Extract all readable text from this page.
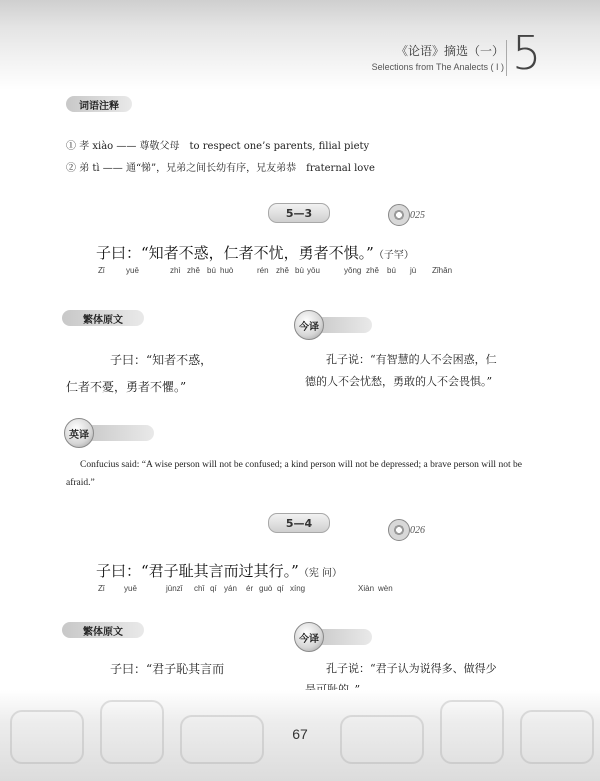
《论语》摘选（一）
Selections from The Analects ( I ) 5
词语注释
① 孝 xiào —— 尊敬父母　to respect one’s parents, filial piety
② 弟 tì —— 通“悌”，兄弟之间长幼有序，兄友弟恭　fraternal love
5—3	025
子曰：“知者不惑，仁者不忧，勇者不惧。”（子罕）
Zǐ	yuē	zhì zhě bú huò	rén zhě bù yōu	yǒng zhě bú jù Zǐhǎn
繁体原文
今译
子曰：“知者不惑，
仁者不憂，勇者不懼。”
孔子说：“有智慧的人不会困惑，仁
德的人不会忧愁，勇敢的人不会畏惧。”
英译
Confucius said: “A wise person will not be confused; a kind person will not be depressed; a brave person will not be afraid.”
5—4
026
子曰：“君子耻其言而过其行。”（宪 问）
Zǐ yuē	jūnzǐ chǐ qí yán ér guò qí xíng	Xiàn wèn
繁体原文
今译
子曰：“君子恥其言而	孔子说：“君子认为说得多、做得少
67
